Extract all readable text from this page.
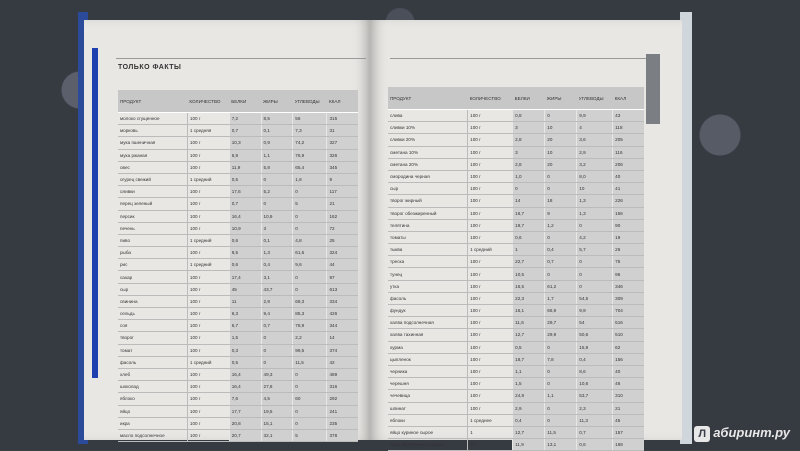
ТОЛЬКО ФАКТЫ
ПРОДУКТ	КОЛИЧЕСТВО	БЕЛКИ	ЖИРЫ	УГЛЕВОДЫ	ККАЛ
молоко сгущенное	100 г	7,2	8,5	56	315
морковь	1 средняя	0,7	0,1	7,3	31
мука пшеничная	100 г	10,3	0,9	74,2	327
мука ржаная	100 г	6,9	1,1	76,9	326
овес	100 г	11,9	5,8	65,4	345
огурец свежий	1 средний	0,5	0	1,8	9
оливки	100 г	17,6	5,2	0	117
перец зеленый	100 г	0,7	0	5	21
персик	100 г	16,4	10,9	0	162
печень	100 г	10,9	3	0	72
пиво	1 средний	0,6	0,1	4,8	25
рыба	100 г	9,5	1,3	61,6	324
рис	1 средний	0,6	0,4	9,6	44
сахар	100 г	17,4	3,1	0	97
сыр	100 г	45	43,7	0	613
свинина	100 г	11	2,9	69,3	334
сельдь	100 г	6,3	9,4	85,3	426
соя	100 г	6,7	0,7	78,9	344
творог	100 г	1,5	0	2,2	14
томат	100 г	0,3	0	99,5	374
фасоль	1 средний	0,5	0	11,5	42
хлеб	100 г	16,4	49,3	0	489
шоколад	100 г	16,4	27,8	0	316
яблоко	100 г	7,6	4,5	60	292
яйцо	100 г	17,7	19,5	0	241
икра	100 г	20,8	15,1	0	235
масло подсолнечное	100 г	20,7	32,1	5	378
ПРОДУКТ	КОЛИЧЕСТВО	БЕЛКИ	ЖИРЫ	УГЛЕВОДЫ	ККАЛ
слива	100 г	0,8	0	9,9	43
сливки 10%	100 г	3	10	4	118
сливки 20%	100 г	2,8	20	3,6	205
сметана 10%	100 г	3	10	2,9	116
сметана 20%	100 г	2,8	20	3,2	206
смородина черная	100 г	1,0	0	8,0	40
сыр	100 г	0	0	10	41
творог жирный	100 г	14	18	1,3	226
творог обезжиренный	100 г	16,7	9	1,3	156
телятина	100 г	19,7	1,2	0	90
томаты	100 г	0,6	0	4,2	19
тыква	1 средний	1	0,4	5,7	26
треска	100 г	22,7	0,7	0	75
тунец	100 г	10,5	0	0	96
утка	100 г	16,5	61,2	0	346
фасоль	100 г	22,3	1,7	54,5	309
фундук	100 г	16,1	66,9	9,9	704
халва подсолнечная	100 г	11,6	29,7	54	516
халва тахинная	100 г	12,7	29,9	50,6	510
хурма	100 г	0,5	0	15,9	62
цыпленок	100 г	18,7	7,8	0,4	156
черника	100 г	1,1	0	8,6	40
черешня	100 г	1,5	0	10,6	46
чечевица	100 г	24,8	1,1	53,7	310
шпинат	100 г	2,9	0	2,3	21
яблоки	1 среднее	0,4	0	11,3	45
яйцо куриное сырое	1	12,7	11,5	0,7	157
яйцо перепелиное сырое	10	11,9	13,1	0,6	168
Л абиринт.ру
